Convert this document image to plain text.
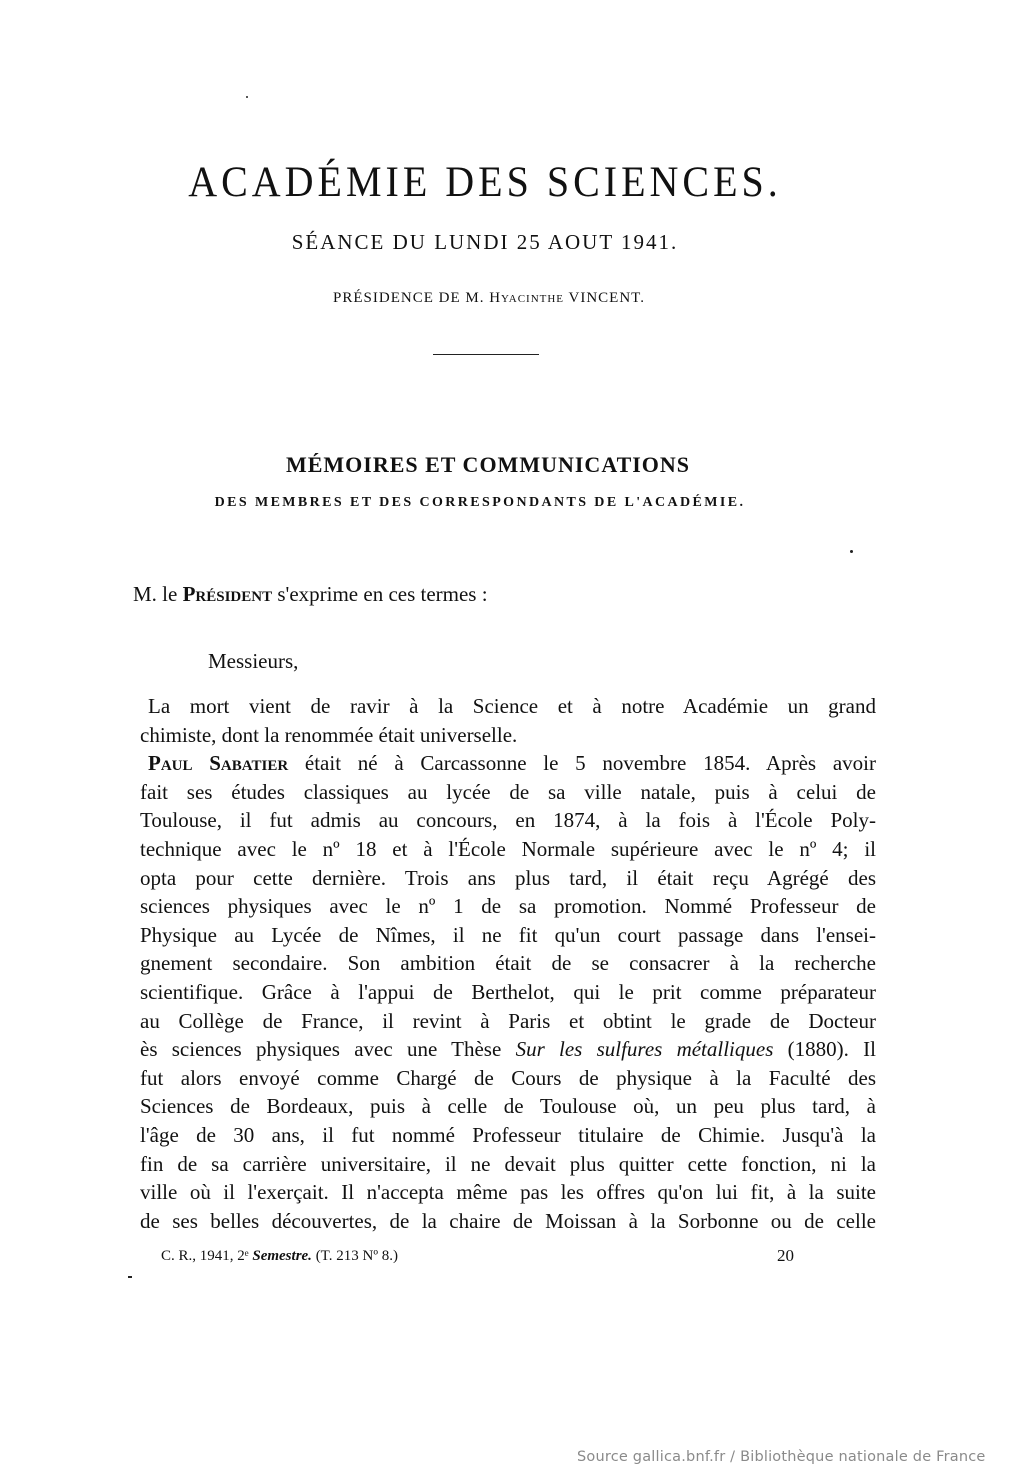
ACADÉMIE DES SCIENCES.
SÉANCE DU LUNDI 25 AOUT 1941.
PRÉSIDENCE DE M. Hyacinthe VINCENT.
MÉMOIRES ET COMMUNICATIONS
DES MEMBRES ET DES CORRESPONDANTS DE L'ACADÉMIE.
M. le Président s'exprime en ces termes :
Messieurs,
La mort vient de ravir à la Science et à notre Académie un grand
chimiste, dont la renommée était universelle.
Paul Sabatier était né à Carcassonne le 5 novembre 1854. Après avoir
fait ses études classiques au lycée de sa ville natale, puis à celui de
Toulouse, il fut admis au concours, en 1874, à la fois à l'École Poly-
technique avec le nº 18 et à l'École Normale supérieure avec le nº 4; il
opta pour cette dernière. Trois ans plus tard, il était reçu Agrégé des
sciences physiques avec le nº 1 de sa promotion. Nommé Professeur de
Physique au Lycée de Nîmes, il ne fit qu'un court passage dans l'ensei-
gnement secondaire. Son ambition était de se consacrer à la recherche
scientifique. Grâce à l'appui de Berthelot, qui le prit comme préparateur
au Collège de France, il revint à Paris et obtint le grade de Docteur
ès sciences physiques avec une Thèse Sur les sulfures métalliques (1880). Il
fut alors envoyé comme Chargé de Cours de physique à la Faculté des
Sciences de Bordeaux, puis à celle de Toulouse où, un peu plus tard, à
l'âge de 30 ans, il fut nommé Professeur titulaire de Chimie. Jusqu'à la
fin de sa carrière universitaire, il ne devait plus quitter cette fonction, ni la
ville où il l'exerçait. Il n'accepta même pas les offres qu'on lui fit, à la suite
de ses belles découvertes, de la chaire de Moissan à la Sorbonne ou de celle
C. R., 1941, 2ᵉ Semestre. (T. 213 Nº 8.)	20
Source gallica.bnf.fr / Bibliothèque nationale de France
